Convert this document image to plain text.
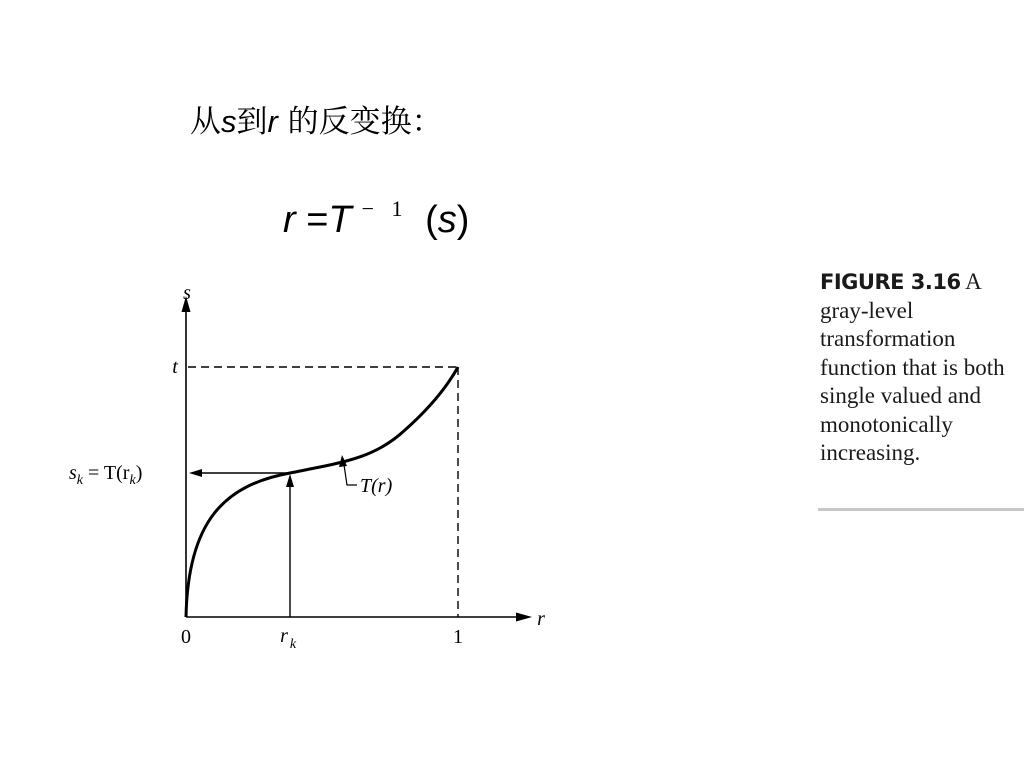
从s到r 的反变换：
r =T $^{- 1}$ (s)
s
r
0	1
r k
t
$s_k = T(r_k)$
T(r)
FIGURE 3.16 A gray-level transformation function that is both single valued and monotonically increasing.
